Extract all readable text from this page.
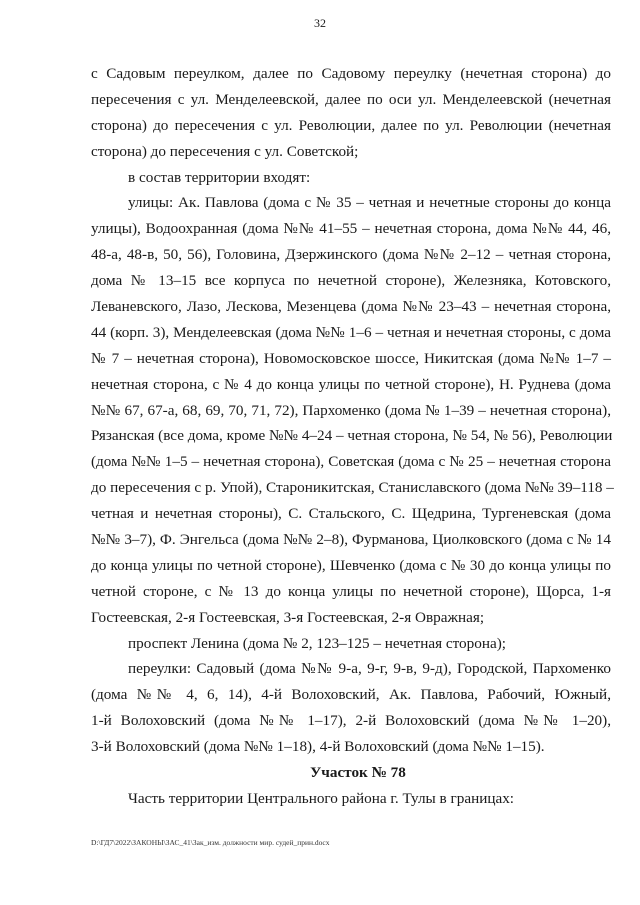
32
с Садовым переулком, далее по Садовому переулку (нечетная сторона) до
пересечения с ул. Менделеевской, далее по оси ул. Менделеевской (нечетная
сторона) до пересечения с ул. Революции, далее по ул. Революции (нечетная
сторона) до пересечения с ул. Советской;
в состав территории входят:
улицы: Ак. Павлова (дома с № 35 – четная и нечетные стороны до конца
улицы), Водоохранная (дома №№ 41–55 – нечетная сторона, дома №№ 44, 46,
48-а, 48-в, 50, 56), Головина, Дзержинского (дома №№ 2–12 – четная сторона,
дома № 13–15 все корпуса по нечетной стороне), Железняка, Котовского,
Леваневского, Лазо, Лескова, Мезенцева (дома №№ 23–43 – нечетная сторона,
44 (корп. 3), Менделеевская (дома №№ 1–6 – четная и нечетная стороны, с дома
№ 7 – нечетная сторона), Новомосковское шоссе, Никитская (дома №№ 1–7 –
нечетная сторона, с № 4 до конца улицы по четной стороне), Н. Руднева (дома
№№ 67, 67-а, 68, 69, 70, 71, 72), Пархоменко (дома № 1–39 – нечетная сторона),
Рязанская (все дома, кроме №№ 4–24 – четная сторона, № 54, № 56), Революции
(дома №№ 1–5 – нечетная сторона), Советская (дома с № 25 – нечетная сторона
до пересечения с р. Упой), Староникитская, Станиславского (дома №№ 39–118 –
четная и нечетная стороны), С. Стальского, С. Щедрина, Тургеневская (дома
№№ 3–7), Ф. Энгельса (дома №№ 2–8), Фурманова, Циолковского (дома с № 14
до конца улицы по четной стороне), Шевченко (дома с № 30 до конца улицы по
четной стороне, с № 13 до конца улицы по нечетной стороне), Щорса, 1-я
Гостеевская, 2-я Гостеевская, 3-я Гостеевская, 2-я Овражная;
проспект Ленина (дома № 2, 123–125 – нечетная сторона);
переулки: Садовый (дома №№ 9-а, 9-г, 9-в, 9-д), Городской, Пархоменко
(дома №№ 4, 6, 14), 4-й Волоховский, Ак. Павлова, Рабочий, Южный,
1-й Волоховский (дома №№ 1–17), 2-й Волоховский (дома №№ 1–20),
3-й Волоховский (дома №№ 1–18), 4-й Волоховский (дома №№ 1–15).
Участок № 78
Часть территории Центрального района г. Тулы в границах:
D:\ГД7\2022\ЗАКОНЫ\ЗАС_41\Зак_изм. должности мир. судей_прин.docx
